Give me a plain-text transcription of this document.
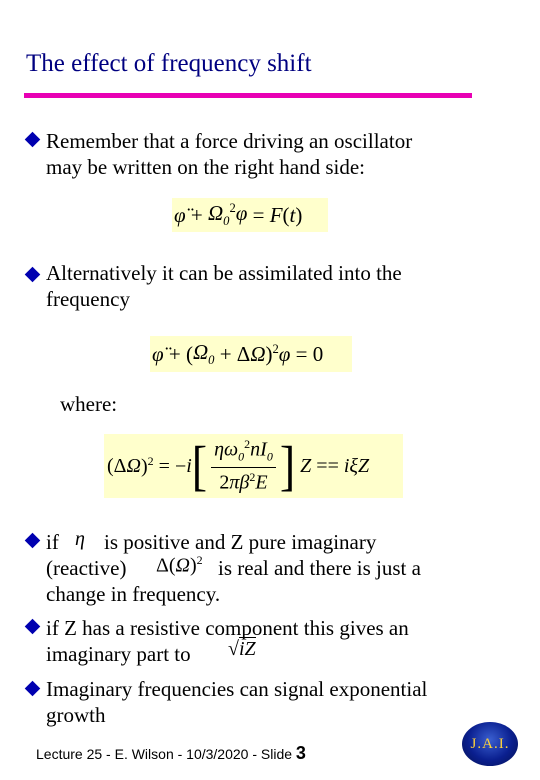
The effect of frequency shift
Remember that a force driving an oscillator
may be written on the right hand side:
φ̈ + $\Omega_0^2\varphi = F$ ( t )
Alternatively it can be assimilated into the
frequency
φ̈ + ( $\Omega_0 + \Delta$ Ω )$^2$ φ = 0
where:
(Δ Ω )$^2$ = − i [ $\frac{\eta\omega_0^2nI_0}{2\pi\beta^2E}$ ] Z == iξZ
if η is positive and Z pure imaginary
(reactive) $\Delta(\Omega)^2$ is real and there is just a
change in frequency.
if Z has a resistive component this gives an
imaginary part to √iZ
Imaginary frequencies can signal exponential
growth
Lecture 25 - E. Wilson - 10/3/2020 - Slide 3	J.A.I.
